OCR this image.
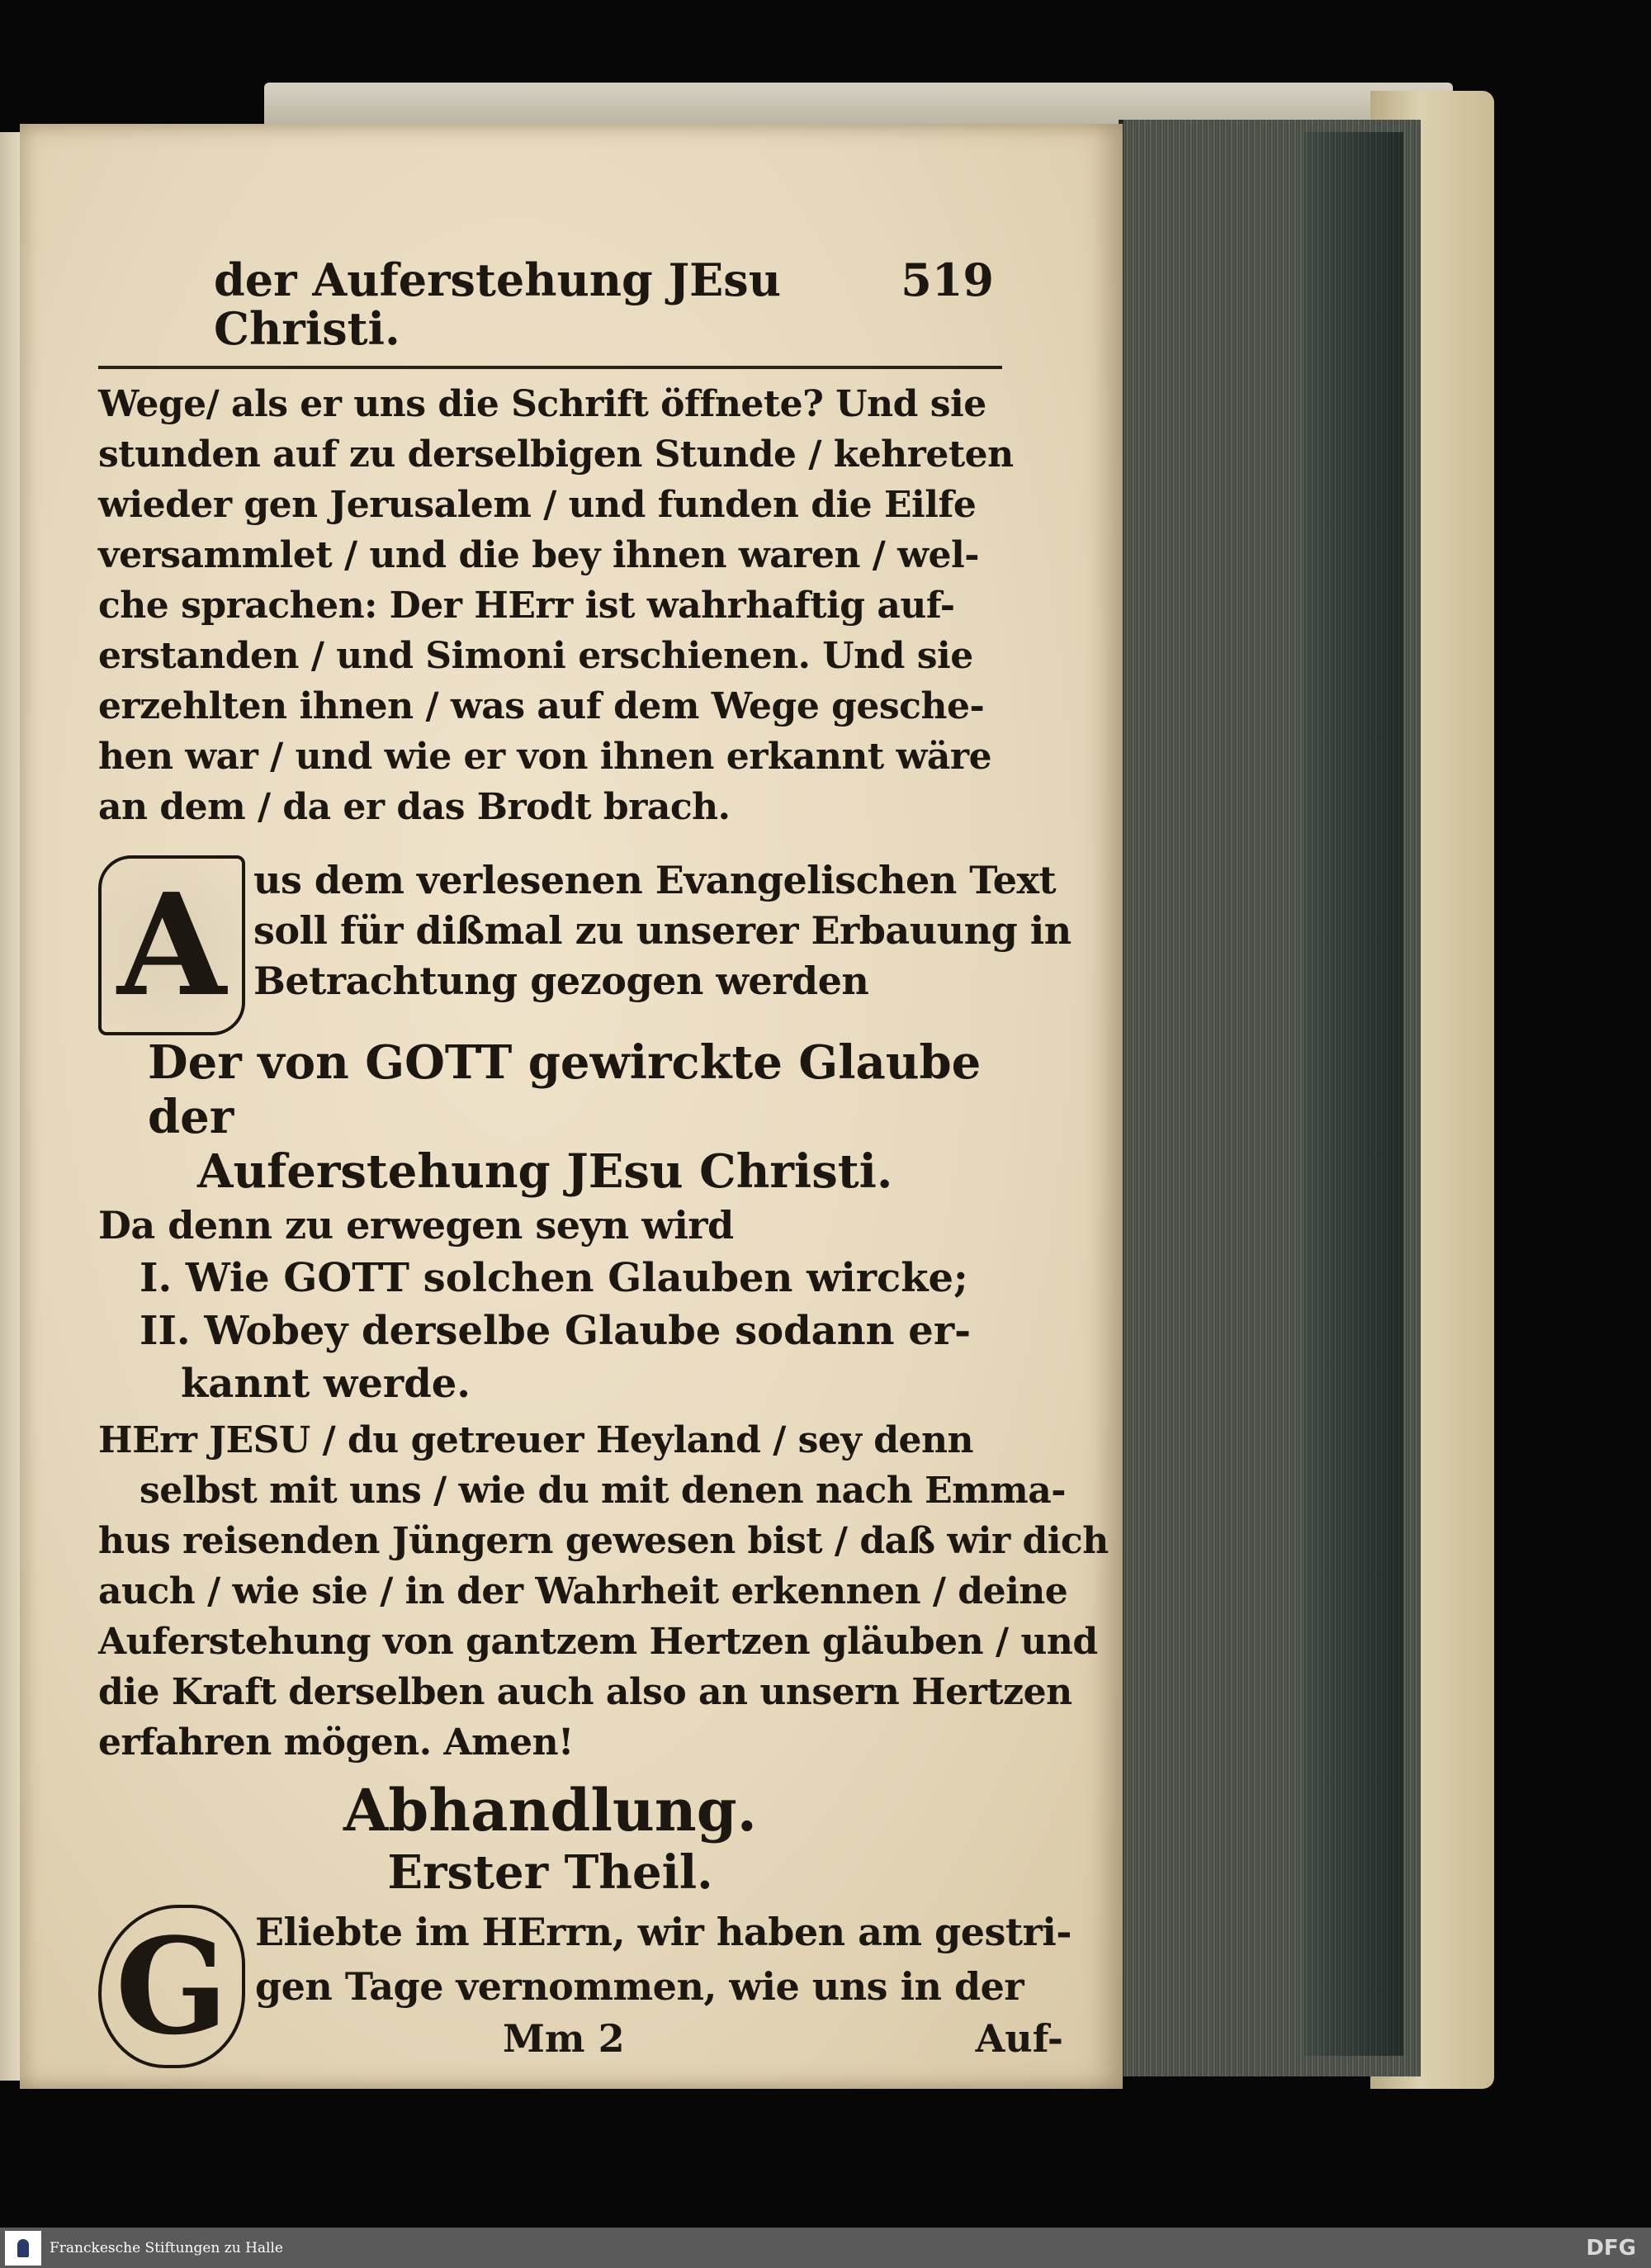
der Auferstehung JEsu Christi.
519
Wege/ als er uns die Schrift öffnete? Und sie
stunden auf zu derselbigen Stunde / kehreten
wieder gen Jerusalem / und funden die Eilfe
versammlet / und die bey ihnen waren / wel-
che sprachen: Der HErr ist wahrhaftig auf-
erstanden / und Simoni erschienen. Und sie
erzehlten ihnen / was auf dem Wege gesche-
hen war / und wie er von ihnen erkannt wäre
an dem / da er das Brodt brach.
A us dem verlesenen Evangelischen Text
soll für dißmal zu unserer Erbauung in
Betrachtung gezogen werden
Der von GOTT gewirckte Glaube der
Auferstehung JEsu Christi.
Da denn zu erwegen seyn wird
I. Wie GOTT solchen Glauben wircke;
II. Wobey derselbe Glaube sodann er-
kannt werde.
HErr JESU / du getreuer Heyland / sey denn
selbst mit uns / wie du mit denen nach Emma-
hus reisenden Jüngern gewesen bist / daß wir dich
auch / wie sie / in der Wahrheit erkennen / deine
Auferstehung von gantzem Hertzen gläuben / und
die Kraft derselben auch also an unsern Hertzen
erfahren mögen. Amen!
Abhandlung.
Erster Theil.
G Eliebte im HErrn, wir haben am gestri-
gen Tage vernommen, wie uns in der
Mm 2	Auf-
Franckesche Stiftungen zu Halle	DFG
